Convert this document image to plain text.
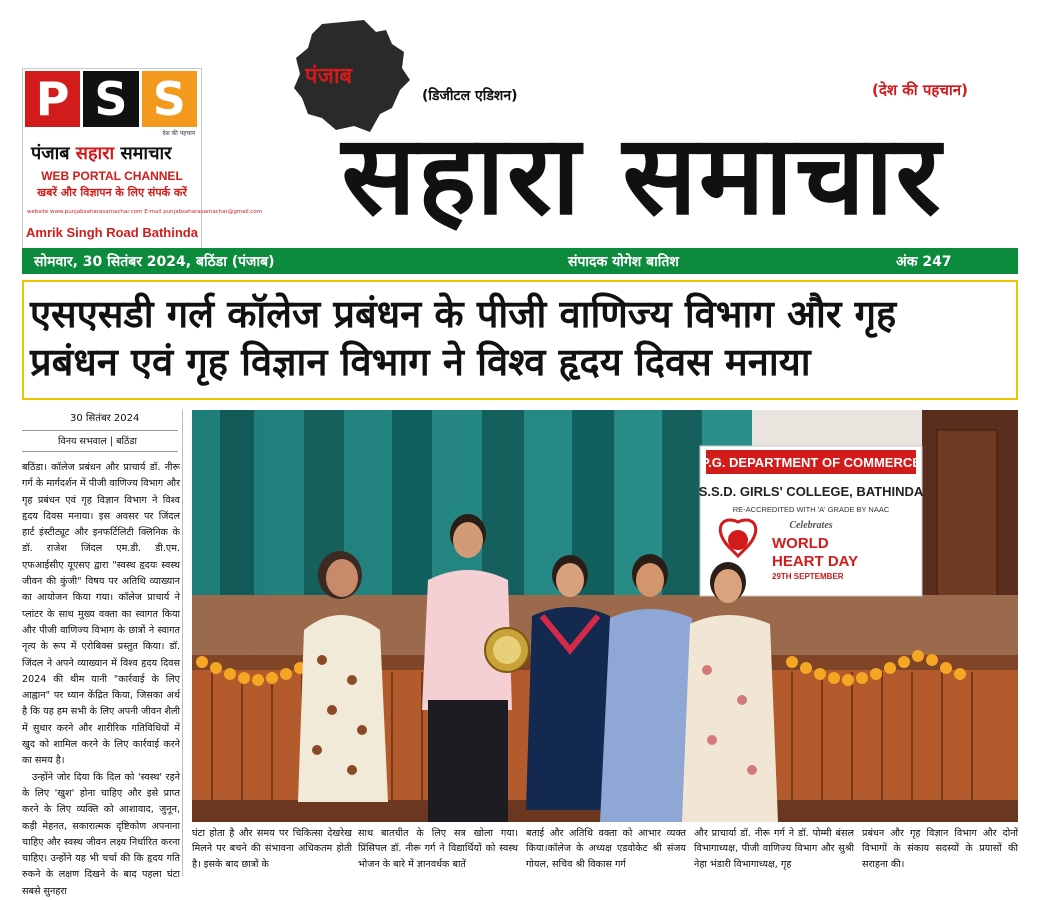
P S S
देश की पहचान
पंजाब सहारा समाचार
WEB PORTAL CHANNEL
खबरें और विज्ञापन के लिए संपर्क करें
website www.punjabsaharasamachar.com E-mail punjabsaharasamachar@gmail.com
Amrik Singh Road Bathinda
पंजाब
(डिजीटल एडिशन)	(देश की पहचान)
सहारा समाचार
सोमवार, 30 सितंबर 2024, बठिंडा (पंजाब)	संपादक योगेश बातिश	अंक 247
एसएसडी गर्ल कॉलेज प्रबंधन के पीजी वाणिज्य विभाग और गृह
प्रबंधन एवं गृह विज्ञान विभाग ने विश्व हृदय दिवस मनाया
30 सितंबर 2024
विनय सभवाल | बठिंडा

बठिंडा। कॉलेज प्रबंधन और प्राचार्य डॉ. नीरू गर्ग के मार्गदर्शन में पीजी वाणिज्य विभाग और गृह प्रबंधन एवं गृह विज्ञान विभाग ने विश्व हृदय दिवस मनाया। इस अवसर पर जिंदल हार्ट इंस्टीट्यूट और इनफर्टिलिटी क्लिनिक के डॉ. राजेश जिंदल एम.डी. डी.एम. एफआईसीए यूएसए द्वारा "स्वस्थ हृदयः स्वस्थ जीवन की कुंजी" विषय पर अतिथि व्याख्यान का आयोजन किया गया। कॉलेज प्राचार्य ने प्लांटर के साथ मुख्य वक्ता का स्वागत किया और पीजी वाणिज्य विभाग के छात्रों ने स्वागत नृत्य के रूप में एरोबिक्स प्रस्तुत किया। डॉ. जिंदल ने अपने व्याख्यान में विश्व हृदय दिवस 2024 की थीम यानी "कार्रवाई के लिए आह्वान" पर ध्यान केंद्रित किया, जिसका अर्थ है कि यह हम सभी के लिए अपनी जीवन शैली में सुधार करने और शारीरिक गतिविधियों में खुद को शामिल करने के लिए कार्रवाई करने का समय है।

उन्होंने जोर दिया कि दिल को 'स्वस्थ' रहने के लिए 'खुश' होना चाहिए और इसे प्राप्त करने के लिए व्यक्ति को आशावाद, जुनून, कड़ी मेहनत, सकारात्मक दृष्टिकोण अपनाना चाहिए और स्वस्थ जीवन लक्ष्य निर्धारित करना चाहिए। उन्होंने यह भी चर्चा की कि हृदय गति रुकने के लक्षण दिखने के बाद पहला घंटा सबसे सुनहरा

P.G. DEPARTMENT OF COMMERCE
S.S.D. GIRLS' COLLEGE, BATHINDA
RE-ACCREDITED WITH 'A' GRADE BY NAAC
Celebrates
WORLD
HEART DAY
29TH SEPTEMBER
घंटा होता है और समय पर चिकित्सा देखरेख मिलने पर बचने की संभावना अधिकतम होती है। इसके बाद छात्रों के
साथ बातचीत के लिए सत्र खोला गया। प्रिंसिपल डॉ. नीरू गर्ग ने विद्यार्थियों को स्वस्थ भोजन के बारे में ज्ञानवर्धक बातें
बताई और अतिथि वक्ता को आभार व्यक्त किया।कॉलेज के अध्यक्ष एडवोकेट श्री संजय गोयल, सचिव श्री विकास गर्ग
और प्राचार्या डॉ. नीरू गर्ग ने डॉ. पोम्मी बंसल विभागाध्यक्ष, पीजी वाणिज्य विभाग और सुश्री नेहा भंडारी विभागाध्यक्ष, गृह
प्रबंधन और गृह विज्ञान विभाग और दोनों विभागों के संकाय सदस्यों के प्रयासों की सराहना की।
